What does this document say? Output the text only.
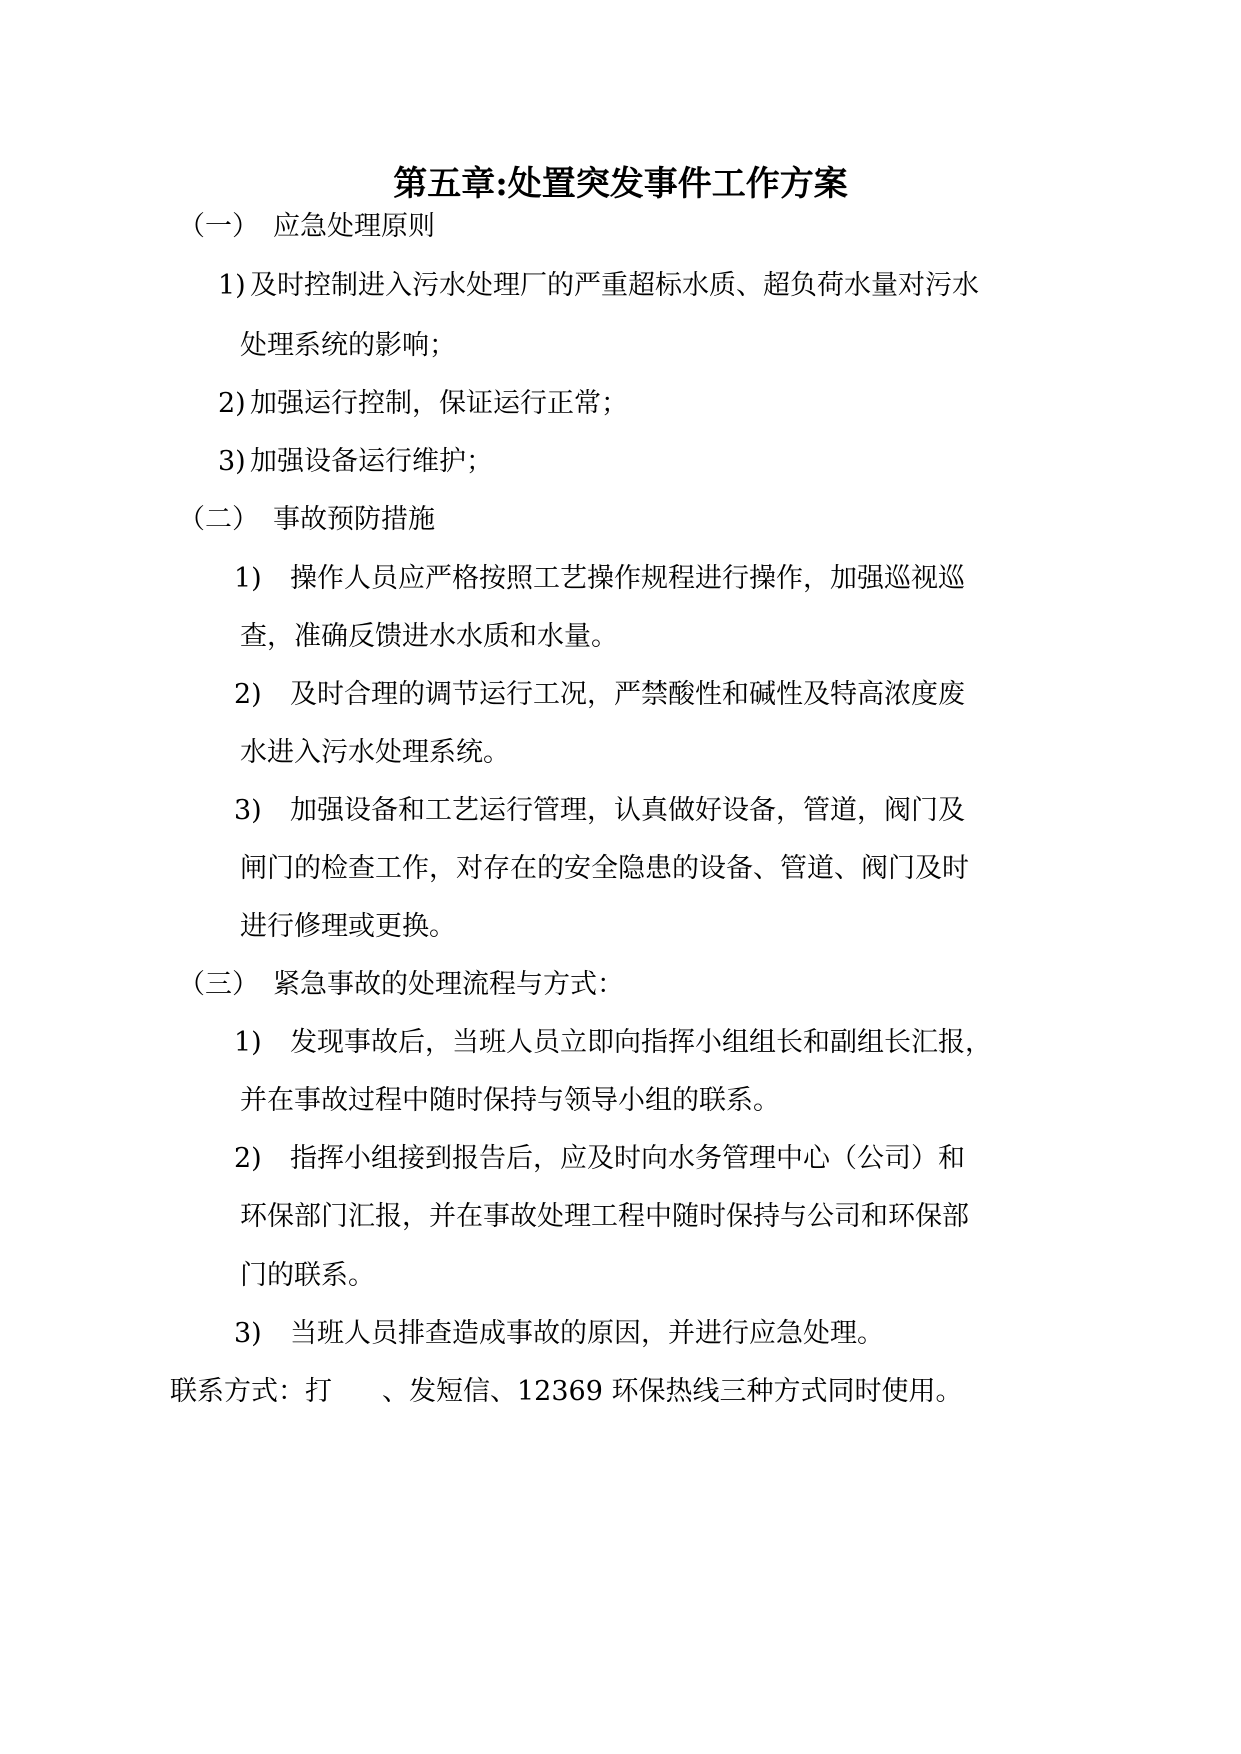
第五章:处置突发事件工作方案
（一） 应急处理原则
1) 及时控制进入污水处理厂的严重超标水质、超负荷水量对污水
处理系统的影响；
2) 加强运行控制，保证运行正常；
3) 加强设备运行维护；
（二） 事故预防措施
1) 操作人员应严格按照工艺操作规程进行操作，加强巡视巡
查，准确反馈进水水质和水量。
2) 及时合理的调节运行工况，严禁酸性和碱性及特高浓度废
水进入污水处理系统。
3) 加强设备和工艺运行管理，认真做好设备，管道，阀门及
闸门的检查工作，对存在的安全隐患的设备、管道、阀门及时
进行修理或更换。
（三） 紧急事故的处理流程与方式：
1) 发现事故后，当班人员立即向指挥小组组长和副组长汇报，
并在事故过程中随时保持与领导小组的联系。
2) 指挥小组接到报告后，应及时向水务管理中心（公司）和
环保部门汇报，并在事故处理工程中随时保持与公司和环保部
门的联系。
3) 当班人员排查造成事故的原因，并进行应急处理。
联系方式：打 、发短信、12369 环保热线三种方式同时使用。
